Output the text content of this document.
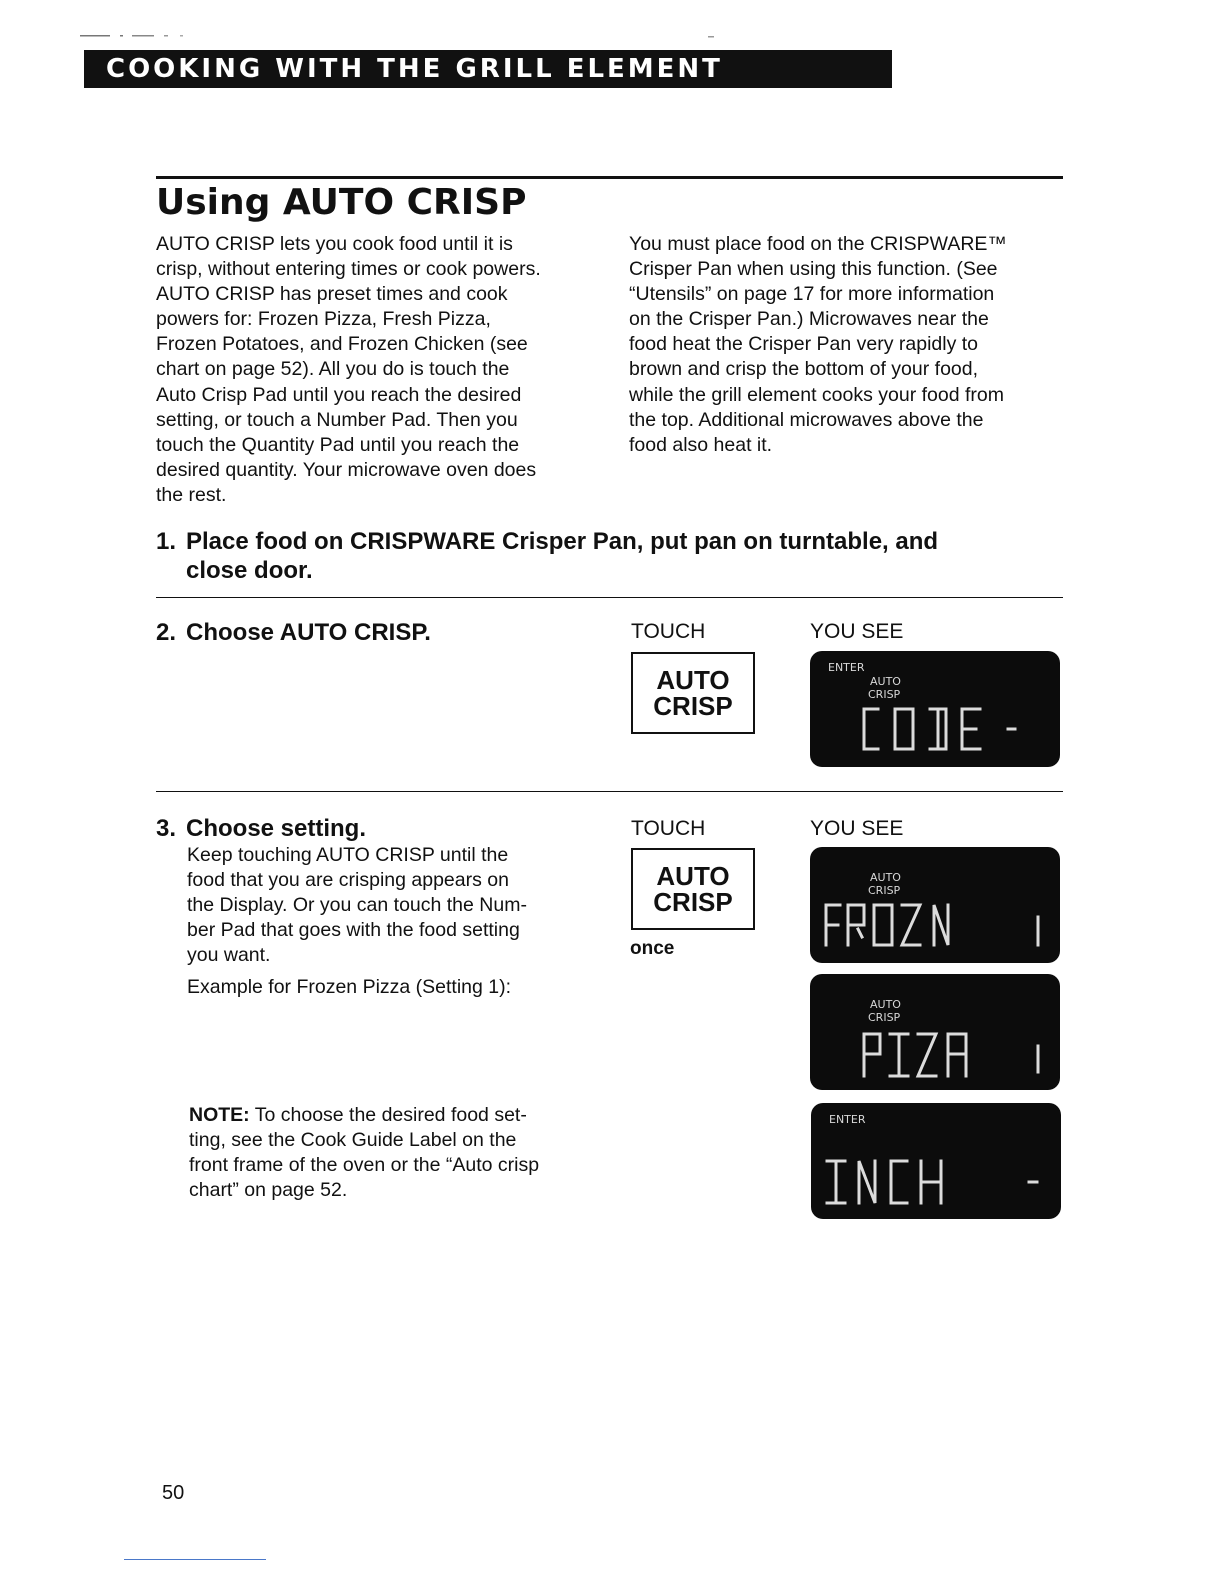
COOKING WITH THE GRILL ELEMENT
Using AUTO CRISP

AUTO CRISP lets you cook food until it is

crisp, without entering times or cook powers.

AUTO CRISP has preset times and cook

powers for: Frozen Pizza, Fresh Pizza,

Frozen Potatoes, and Frozen Chicken (see

chart on page 52). All you do is touch the

Auto Crisp Pad until you reach the desired

setting, or touch a Number Pad. Then you

touch the Quantity Pad until you reach the

desired quantity. Your microwave oven does

the rest.

You must place food on the CRISPWARE™

Crisper Pan when using this function. (See

“Utensils” on page 17 for more information

on the Crisper Pan.) Microwaves near the

food heat the Crisper Pan very rapidly to

brown and crisp the bottom of your food,

while the grill element cooks your food from

the top. Additional microwaves above the

food also heat it.

1. Place food on CRISPWARE Crisper Pan, put pan on turntable, and
close door.
2. Choose AUTO CRISP.	TOUCH	YOU SEE
AUTO
CRISP
ENTER
AUTO
CRISP
CODE -
3. Choose setting.

Keep touching AUTO CRISP until the

food that you are crisping appears on

the Display. Or you can touch the Num-

ber Pad that goes with the food setting

you want.

Example for Frozen Pizza (Setting 1):

NOTE: To choose the desired food set-

ting, see the Cook Guide Label on the

front frame of the oven or the “Auto crisp

chart” on page 52.

TOUCH	YOU SEE
AUTO
CRISP
once
AUTO
CRISP
FROZN 1
AUTO
CRISP
PIZA 1
ENTER
INCH -
50
